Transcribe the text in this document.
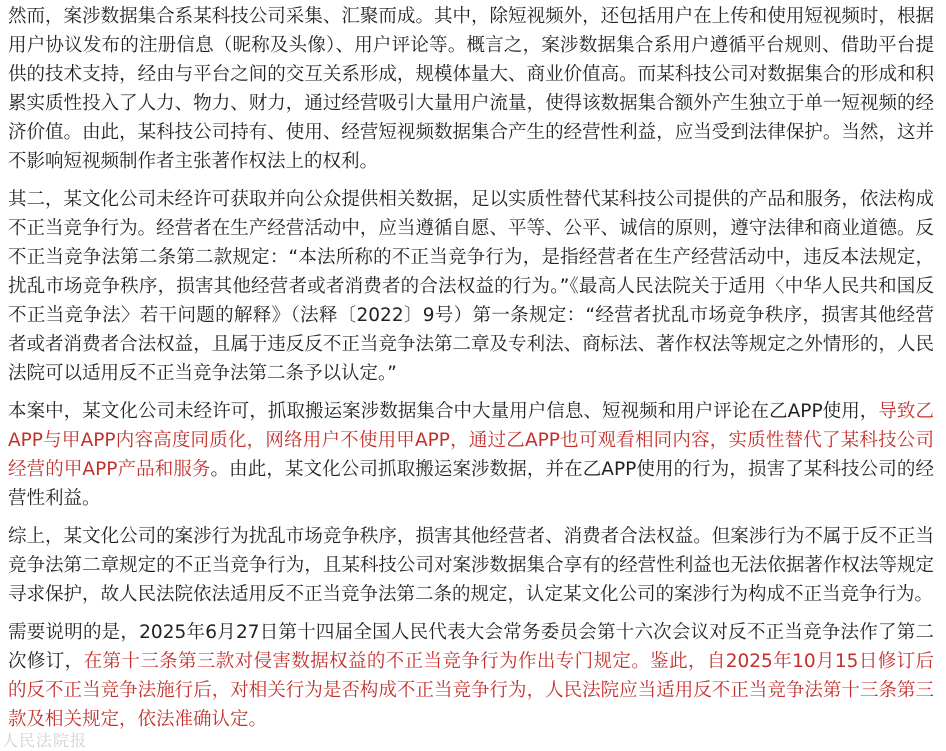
然而，案涉数据集合系某科技公司采集、汇聚而成。其中，除短视频外，还包括用户在上传和使用短视频时，根据用户协议发布的注册信息（昵称及头像）、用户评论等。概言之，案涉数据集合系用户遵循平台规则、借助平台提供的技术支持，经由与平台之间的交互关系形成，规模体量大、商业价值高。而某科技公司对数据集合的形成和积累实质性投入了人力、物力、财力，通过经营吸引大量用户流量，使得该数据集合额外产生独立于单一短视频的经济价值。由此，某科技公司持有、使用、经营短视频数据集合产生的经营性利益，应当受到法律保护。当然，这并不影响短视频制作者主张著作权法上的权利。

其二，某文化公司未经许可获取并向公众提供相关数据，足以实质性替代某科技公司提供的产品和服务，依法构成不正当竞争行为。经营者在生产经营活动中，应当遵循自愿、平等、公平、诚信的原则，遵守法律和商业道德。反不正当竞争法第二条第二款规定：“本法所称的不正当竞争行为，是指经营者在生产经营活动中，违反本法规定，扰乱市场竞争秩序，损害其他经营者或者消费者的合法权益的行为。”《最高人民法院关于适用〈中华人民共和国反不正当竞争法〉若干问题的解释》（法释〔2022〕9号）第一条规定：“经营者扰乱市场竞争秩序，损害其他经营者或者消费者合法权益，且属于违反反不正当竞争法第二章及专利法、商标法、著作权法等规定之外情形的，人民法院可以适用反不正当竞争法第二条予以认定。”

本案中，某文化公司未经许可，抓取搬运案涉数据集合中大量用户信息、短视频和用户评论在乙APP使用，导致乙APP与甲APP内容高度同质化，网络用户不使用甲APP，通过乙APP也可观看相同内容，实质性替代了某科技公司经营的甲APP产品和服务。由此，某文化公司抓取搬运案涉数据，并在乙APP使用的行为，损害了某科技公司的经营性利益。

综上，某文化公司的案涉行为扰乱市场竞争秩序，损害其他经营者、消费者合法权益。但案涉行为不属于反不正当竞争法第二章规定的不正当竞争行为，且某科技公司对案涉数据集合享有的经营性利益也无法依据著作权法等规定寻求保护，故人民法院依法适用反不正当竞争法第二条的规定，认定某文化公司的案涉行为构成不正当竞争行为。

需要说明的是，2025年6月27日第十四届全国人民代表大会常务委员会第十六次会议对反不正当竞争法作了第二次修订，在第十三条第三款对侵害数据权益的不正当竞争行为作出专门规定。鉴此，自2025年10月15日修订后的反不正当竞争法施行后，对相关行为是否构成不正当竞争行为，人民法院应当适用反不正当竞争法第十三条第三款及相关规定，依法准确认定。

人民法院报
